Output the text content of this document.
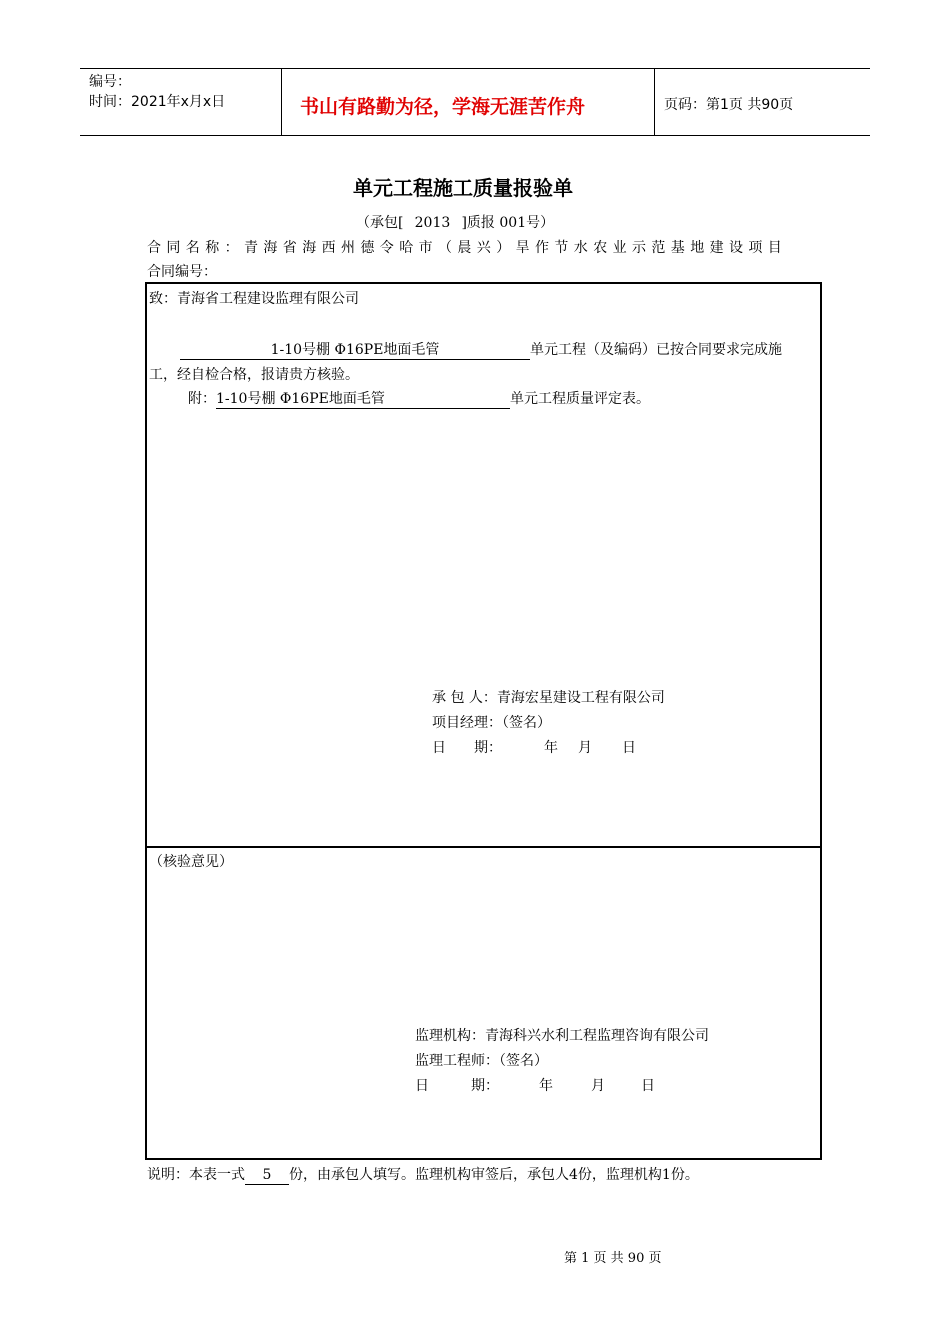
编号：
时间：2021年x月x日	书山有路勤为径，学海无涯苦作舟	页码：第1页 共90页
单元工程施工质量报验单
（承包[ 2013 ]质报 001号）
合同名称：青海省海西州德令哈市（晨兴）旱作节水农业示范基地建设项目
合同编号：
致：青海省工程建设监理有限公司
1-10号棚 Φ16PE地面毛管	单元工程（及编码）已按合同要求完成施
工，经自检合格，报请贵方核验。
附：1-10号棚 Φ16PE地面毛管	单元工程质量评定表。
承 包 人：青海宏星建设工程有限公司
项目经理：（签名）
日　　期：	年 月 日
（核验意见）
监理机构：青海科兴水利工程监理咨询有限公司
监理工程师：（签名）
日　　　期：	年	月	日
说明：本表一式 5 份，由承包人填写。监理机构审签后，承包人4份，监理机构1份。
第 1 页 共 90 页
